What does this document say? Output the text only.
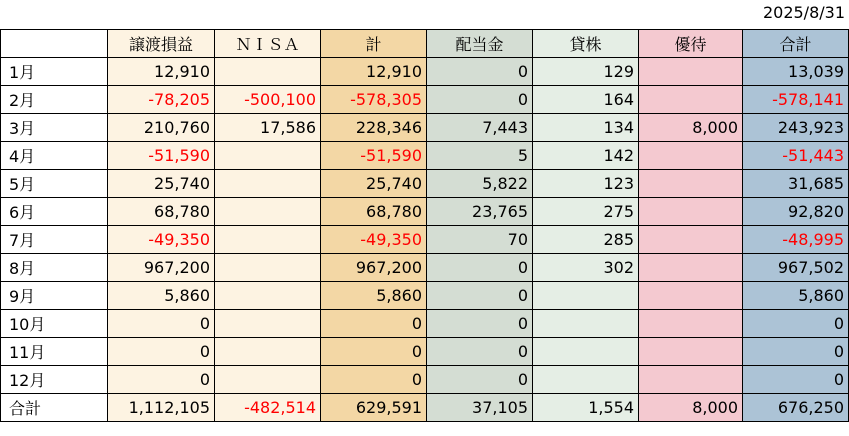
2025/8/31
	譲渡損益	ＮＩＳＡ	計	配当金	貸株	優待	合計
1月	12,910		12,910	0	129		13,039
2月	-78,205	-500,100	-578,305	0	164		-578,141
3月	210,760	17,586	228,346	7,443	134	8,000	243,923
4月	-51,590		-51,590	5	142		-51,443
5月	25,740		25,740	5,822	123		31,685
6月	68,780		68,780	23,765	275		92,820
7月	-49,350		-49,350	70	285		-48,995
8月	967,200		967,200	0	302		967,502
9月	5,860		5,860	0			5,860
10月	0		0	0			0
11月	0		0	0			0
12月	0		0	0			0
合計	1,112,105	-482,514	629,591	37,105	1,554	8,000	676,250
